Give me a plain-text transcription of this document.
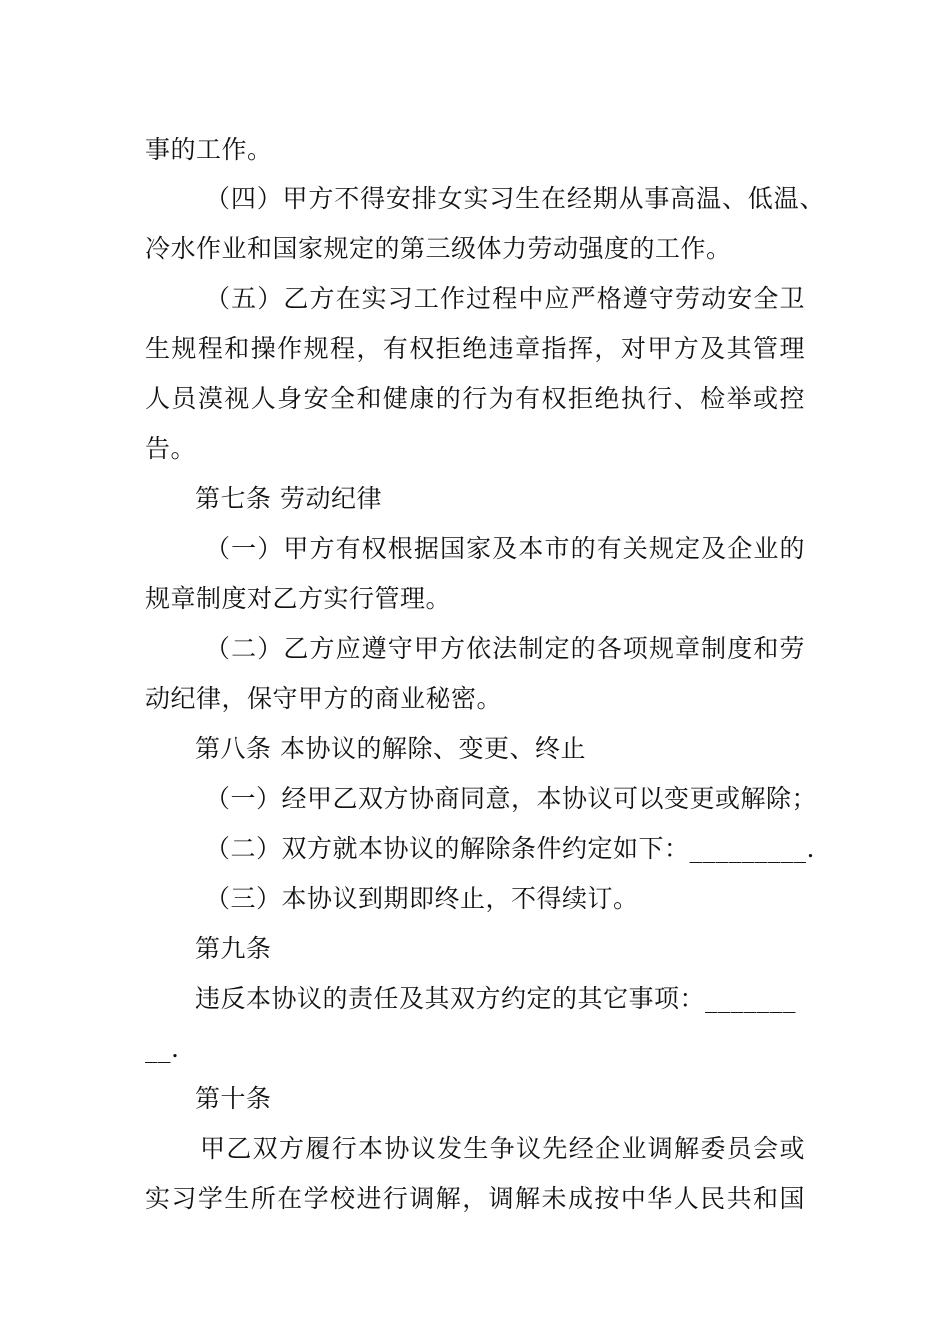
事的工作。
（四）甲方不得安排女实习生在经期从事高温、低温、
冷水作业和国家规定的第三级体力劳动强度的工作。
（五）乙方在实习工作过程中应严格遵守劳动安全卫
生规程和操作规程，有权拒绝违章指挥，对甲方及其管理
人员漠视人身安全和健康的行为有权拒绝执行、检举或控
告。
第七条 劳动纪律
（一）甲方有权根据国家及本市的有关规定及企业的
规章制度对乙方实行管理。
（二）乙方应遵守甲方依法制定的各项规章制度和劳
动纪律，保守甲方的商业秘密。
第八条 本协议的解除、变更、终止
（一）经甲乙双方协商同意，本协议可以变更或解除；
（二）双方就本协议的解除条件约定如下：_________.
（三）本协议到期即终止，不得续订。
第九条
违反本协议的责任及其双方约定的其它事项：_______
__.
第十条
甲乙双方履行本协议发生争议先经企业调解委员会或
实习学生所在学校进行调解，调解未成按中华人民共和国
